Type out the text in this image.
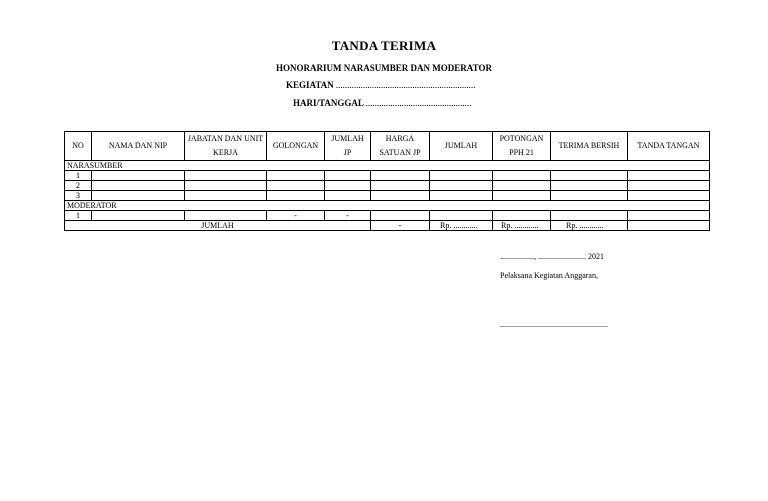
TANDA TERIMA
HONORARIUM NARASUMBER DAN MODERATOR
KEGIATAN ..............................................................
HARI/TANGGAL ...............................................
NO	NAMA DAN NIP	JABATAN DAN UNIT KERJA	GOLONGAN	JUMLAH JP	HARGA SATUAN JP	JUMLAH	POTONGAN PPH 21	TERIMA BERSIH	TANDA TANGAN
NARASUMBER									
1									
2									
3									
MODERATOR									
1			-	-					
JUMLAH					-	Rp. ............	Rp. ............	Rp. ............	
................., ........................ 2021
Pelaksana Kegiatan Anggaran,
......................................................
